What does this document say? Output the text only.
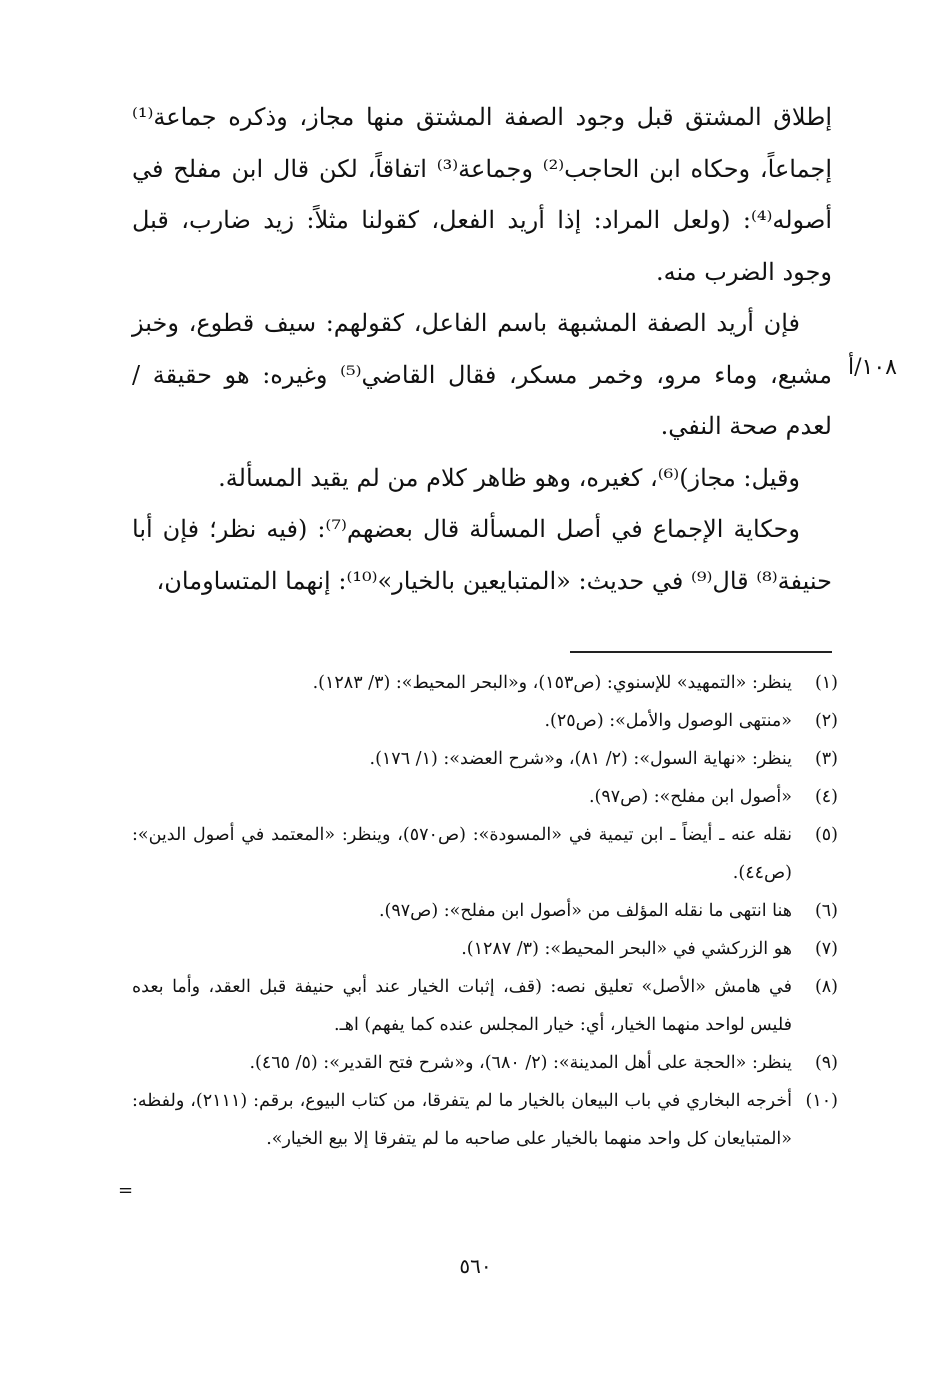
إطلاق المشتق قبل وجود الصفة المشتق منها مجاز، وذكره جماعة⁽¹⁾ إجماعاً، وحكاه ابن الحاجب⁽²⁾ وجماعة⁽³⁾ اتفاقاً، لكن قال ابن مفلح في أصوله⁽⁴⁾: (ولعل المراد: إذا أريد الفعل، كقولنا مثلاً: زيد ضارب، قبل وجود الضرب منه.

فإن أريد الصفة المشبهة باسم الفاعل، كقولهم: سيف قطوع، وخبز مشبع، وماء مرو، وخمر مسكر، فقال القاضي⁽⁵⁾ وغيره: هو حقيقة / لعدم صحة النفي.

وقيل: مجاز)⁽⁶⁾، كغيره، وهو ظاهر كلام من لم يقيد المسألة.

وحكاية الإجماع في أصل المسألة قال بعضهم⁽⁷⁾: (فيه نظر؛ فإن أبا حنيفة⁽⁸⁾ قال⁽⁹⁾ في حديث: «المتبايعين بالخيار»⁽¹⁰⁾: إنهما المتساومان،

١٠٨/أ
(١)
ينظر: «التمهيد» للإسنوي: (ص١٥٣)، و«البحر المحيط»: (٣/ ١٢٨٣).
(٢)
«منتهى الوصول والأمل»: (ص٢٥).
(٣)
ينظر: «نهاية السول»: (٢/ ٨١)، و«شرح العضد»: (١/ ١٧٦).
(٤)
«أصول ابن مفلح»: (ص٩٧).
(٥)
نقله عنه ـ أيضاً ـ ابن تيمية في «المسودة»: (ص٥٧٠)، وينظر: «المعتمد في أصول الدين»: (ص٤٤).
(٦)
هنا انتهى ما نقله المؤلف من «أصول ابن مفلح»: (ص٩٧).
(٧)
هو الزركشي في «البحر المحيط»: (٣/ ١٢٨٧).
(٨)
في هامش «الأصل» تعليق نصه: (قف، إثبات الخيار عند أبي حنيفة قبل العقد، وأما بعده فليس لواحد منهما الخيار، أي: خيار المجلس عنده كما يفهم) اهـ.
(٩)
ينظر: «الحجة على أهل المدينة»: (٢/ ٦٨٠)، و«شرح فتح القدير»: (٥/ ٤٦٥).
(١٠)
أخرجه البخاري في باب البيعان بالخيار ما لم يتفرقا، من كتاب البيوع، برقم: (٢١١١)، ولفظه: «المتبايعان كل واحد منهما بالخيار على صاحبه ما لم يتفرقا إلا بيع الخيار».
=
٥٦٠
